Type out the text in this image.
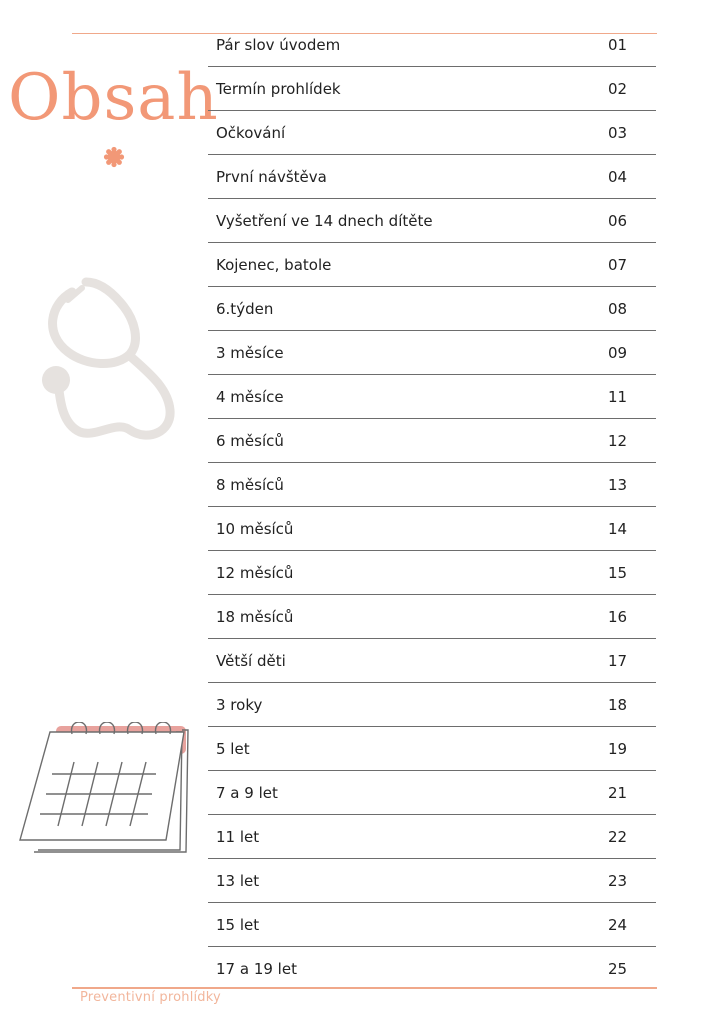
Obsah
Pár slov úvodem	01
Termín prohlídek	02
Očkování	03
První návštěva	04
Vyšetření ve 14 dnech dítěte	06
Kojenec, batole	07
6.týden	08
3 měsíce	09
4 měsíce	11
6 měsíců	12
8 měsíců	13
10 měsíců	14
12 měsíců	15
18 měsíců	16
Větší děti	17
3 roky	18
5 let	19
7 a 9 let	21
11 let	22
13 let	23
15 let	24
17 a 19 let	25
Preventivní prohlídky
